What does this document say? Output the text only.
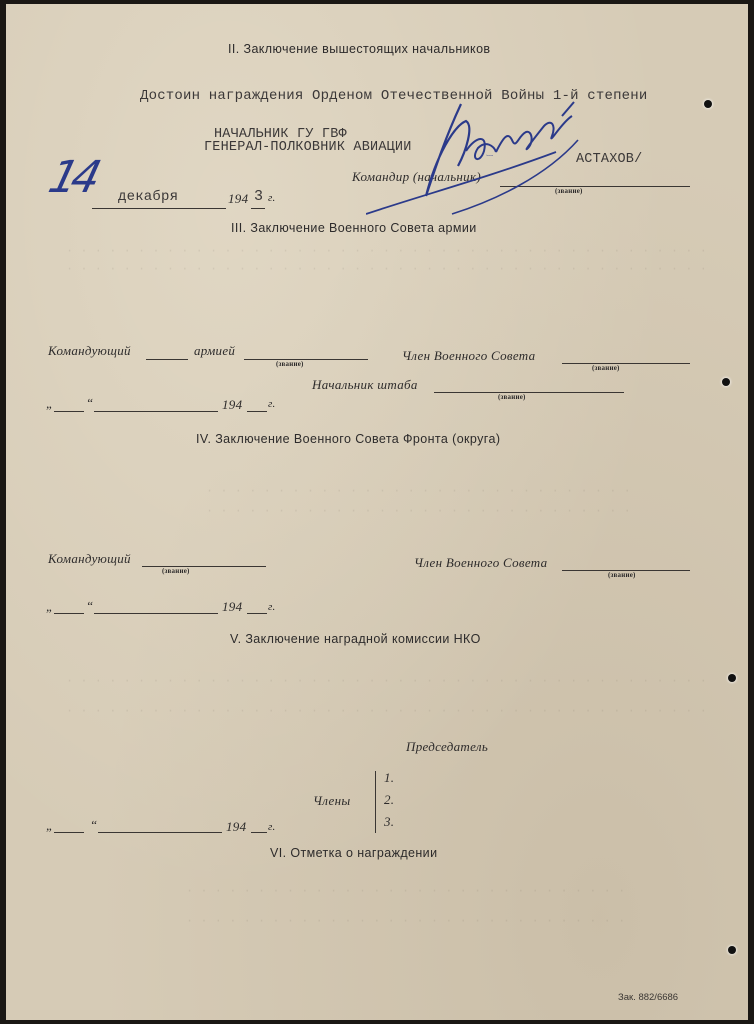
· · · · · · · · · · · · · · · · · · · · · · · · · · · · · · · · · · · · · · · · · · · · ·
· · · · · · · · · · · · · · · · · · · · · · · · · · · · · · · · · · · · · · · · · · · · ·
· · · · · · · · · · · · · · · · · · · · · · · · · · · · · ·
· · · · · · · · · · · · · · · · · · · · · · · · · · · · · ·
· · · · · · · · · · · · · · · · · · · · · · · · · · · · · · · · · · · · · · · · · · · · ·
· · · · · · · · · · · · · · · · · · · · · · · · · · · · · · · · · · · · · · · · · · · · ·
· · · · · · · · · · · · · · · · · · · · · · · · · · · · · · ·
· · · · · · · · · · · · · · · · · · · · · · · · · · · · · · ·
II. Заключение вышестоящих начальников
Достоин награждения Орденом Отечественной Войны 1-й степени
НАЧАЛЬНИК ГУ ГВФ
ГЕНЕРАЛ-ПОЛКОВНИК АВИАЦИИ
АСТАХОВ/
Командир (начальник)
(звание)
Астахов
14 декабря	194 3 г.
III. Заключение Военного Совета армии
Командующий	армией
(звание)
Член Военного Совета
(звание)
Начальник штаба
(звание)
„ “	194 г.
IV. Заключение Военного Совета Фронта (округа)
Командующий
(звание)
Член Военного Совета
(звание)
„ “	194 г.
V. Заключение наградной комиссии НКО
Председатель
Члены
1.
2.
3.
„	“	194 г.
VI. Отметка о награждении
Зак. 882/6686
